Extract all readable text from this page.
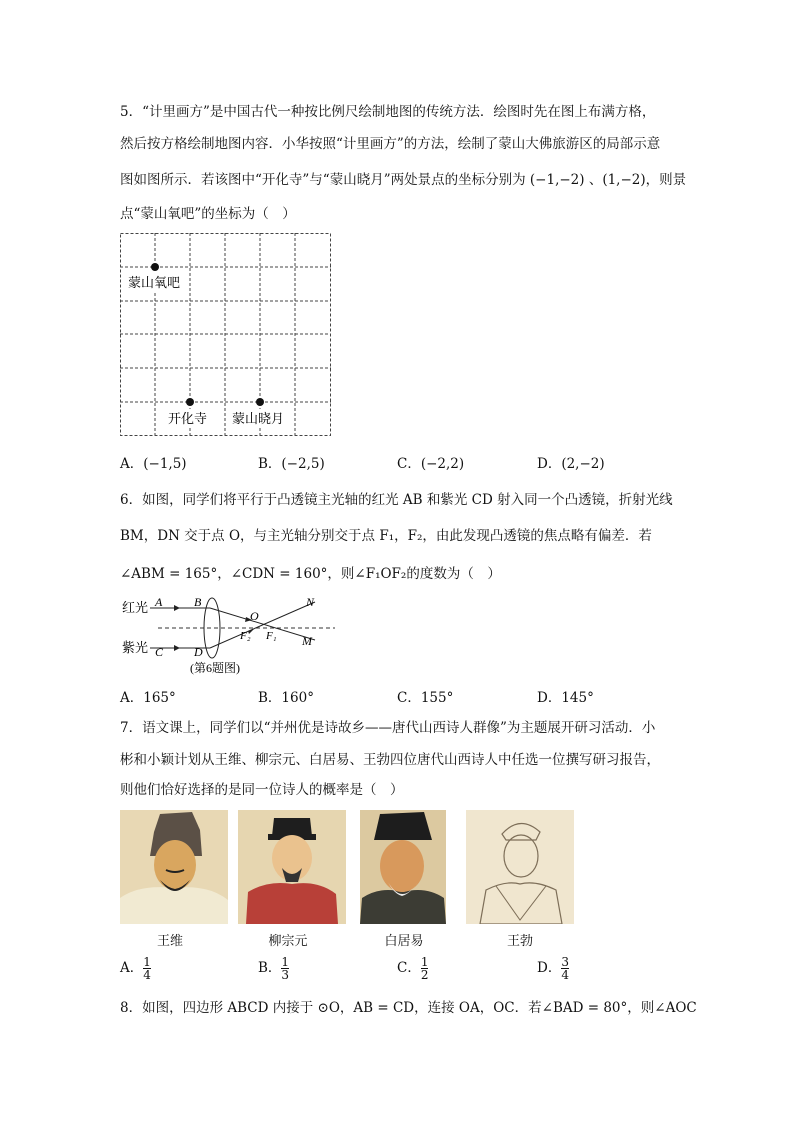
5．“计里画方”是中国古代一种按比例尺绘制地图的传统方法．绘图时先在图上布满方格，
然后按方格绘制地图内容．小华按照“计里画方”的方法，绘制了蒙山大佛旅游区的局部示意
图如图所示．若该图中“开化寺”与“蒙山晓月”两处景点的坐标分别为 (−1,−2) 、(1,−2)，则景
点“蒙山氧吧”的坐标为（　）
蒙山氧吧
开化寺 蒙山晓月
A．(−1,5)	B．(−2,5)	C．(−2,2)	D．(2,−2)
6．如图，同学们将平行于凸透镜主光轴的红光 AB 和紫光 CD 射入同一个凸透镜，折射光线
BM，DN 交于点 O，与主光轴分别交于点 F₁，F₂，由此发现凸透镜的焦点略有偏差．若
∠ABM = 165°，∠CDN = 160°，则∠F₁OF₂的度数为（　）
红光
紫光
A	B
C	D
O
N
M
F₂ F₁
(第6题图)
A．165°	B．160°	C．155°	D．145°
7．语文课上，同学们以“并州优是诗故乡——唐代山西诗人群像”为主题展开研习活动．小
彬和小颖计划从王维、柳宗元、白居易、王勃四位唐代山西诗人中任选一位撰写研习报告，
则他们恰好选择的是同一位诗人的概率是（　）
王维	柳宗元	白居易	王勃
A． $\frac{1}{4}$	B． $\frac{1}{3}$	C． $\frac{1}{2}$	D． $\frac{3}{4}$
8．如图，四边形 ABCD 内接于 ⊙O，AB = CD，连接 OA，OC．若∠BAD = 80°，则∠AOC
